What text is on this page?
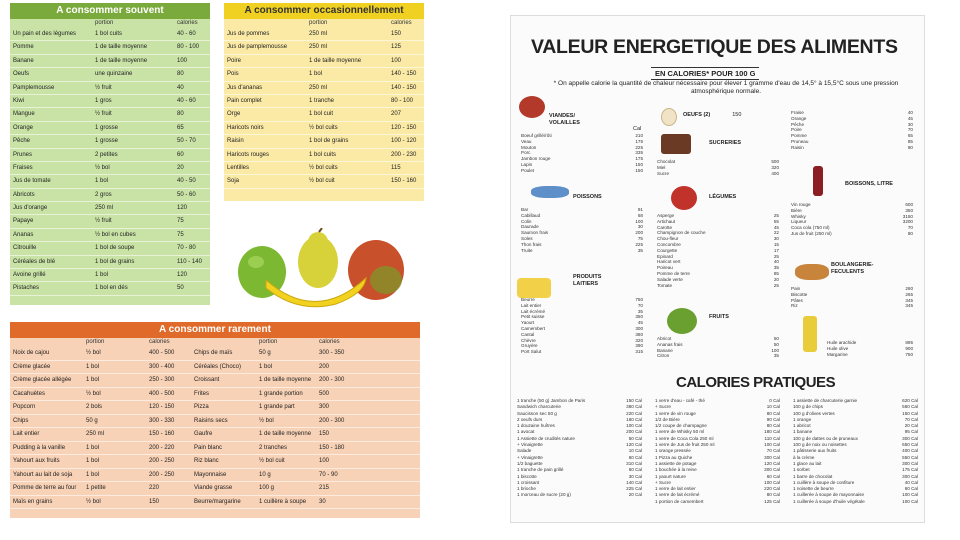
A consommer souvent
portion	calories
Un pain et des légumes	1 bol cuits	40 - 60
Pomme	1 de taille moyenne	80 - 100
Banane	1 de taille moyenne	100
Oeufs	une quinzaine	80
Pamplemousse	½ fruit	40
Kiwi	1 gros	40 - 60
Mangue	½ fruit	80
Orange	1 grosse	65
Pêche	1 grosse	50 - 70
Prunes	2 petites	60
Fraises	½ bol	20
Jus de tomate	1 bol	40 - 50
Abricots	2 gros	50 - 60
Jus d'orange	250 ml	120
Papaye	½ fruit	75
Ananas	½ bol en cubes	75
Citrouille	1 bol de soupe	70 - 80
Céréales de blé	1 bol de grains	110 - 140
Avoine grillé	1 bol	120
Pistaches	1 bol en dés	50
A consommer occasionnellement
portion	calories
Jus de pommes	250 ml	150
Jus de pamplemousse	250 ml	125
Poire	1 de taille moyenne	100
Pois	1 bol	140 - 150
Jus d'ananas	250 ml	140 - 150
Pain complet	1 tranche	80 - 100
Orge	1 bol cuit	207
Haricots noirs	½ bol cuits	120 - 150
Raisin	1 bol de grains	100 - 120
Haricots rouges	1 bol cuits	200 - 230
Lentilles	½ bol cuits	115
Soja	½ bol cuit	150 - 160
A consommer rarement
portion	calories	portion	calories
Noix de cajou	½ bol	400 - 500	Chips de maïs	50 g	300 - 350
Crème glacée	1 bol	300 - 400	Céréales (Choco)	1 bol	200
Crème glacée allégée	1 bol	250 - 300	Croissant	1 de taille moyenne	200 - 300
Cacahuètes	½ bol	400 - 500	Frites	1 grande portion	500
Popcorn	2 bols	120 - 150	Pizza	1 grande part	300
Chips	50 g	300 - 330	Raisins secs	½ bol	200 - 300
Lait entier	250 ml	150 - 160	Gaufre	1 de taille moyenne	150
Pudding à la vanille	1 bol	200 - 220	Pain blanc	2 tranches	150 - 180
Yahourt aux fruits	1 bol	200 - 250	Riz blanc	½ bol cuit	100
Yahourt au lait de soja	1 bol	200 - 250	Mayonnaise	10 g	70 - 90
Pomme de terre au four	1 petite	220	Viande grasse	100 g	215
Maïs en grains	½ bol	150	Beurre/margarine	1 cuillère à soupe	30
VALEUR ENERGETIQUE DES ALIMENTS
EN CALORIES* POUR 100 G
* On appelle calorie la quantité de chaleur nécessaire pour élever 1 gramme d'eau de 14,5° à 15,5°C sous une pression atmosphérique normale.
VIANDES/ VOLAILLES
Cal
Boeuf grillé/rôti	210
Veau	175
Mouton	225
Porc	335
Jambon rouge	175
Lapin	150
Poulet	150
POISSONS
Bar	91
Cabillaud	68
Colin	100
Daurade	30
Saumon frais	200
Soles	75
Thon frais	225
Truite	35
PRODUITS LAITIERS
Beurre	750
Lait entier	70
Lait écrémé	35
Petit suisse	350
Yaourt	45
Camembert	300
Cantal	380
Chèvre	320
Gruyère	390
Port Salut	315
OEUFS (2)	150
SUCRERIES
Chocolat	500
Miel	320
Sucre	400
LÉGUMES
Asperge	25
Artichaut	55
Carotte	45
Champignon de couche	22
Chou-fleur	30
Concombre	15
Courgette	17
Epinard	25
Haricot vert	40
Poireau	35
Pomme de terre	85
Salade verte	20
Tomate	25
FRUITS
Abricot	50
Ananas frais	50
Banane	100
Citron	35
Fraise	40
Orange	45
Pêche	30
Poire	70
Pomme	65
Pruneau	85
Raisin	80
BOISSONS, LITRE
Vin rouge	600
Bière	350
Whisky	3150
Liqueur	3200
Coca cola (750 ml)	70
Jus de fruit (250 ml)	80
BOULANGERIE-FECULENTS
Pain	260
Biscotte	265
Pâtes	345
Riz	345
Huile arachide	895
Huile olive	900
Margarine	750
CALORIES PRATIQUES
1 tranche (50 g) Jambon de Paris	150 Cal
Sandwich charcuterie	380 Cal
Saucisson sec 50 g	220 Cal
2 oeufs durs	160 Cal
1 douzaine huîtres	100 Cal
1 avocat	200 Cal
1 Assiette de crudités nature	50 Cal
+ Vinaigrette	120 Cal
Salade	10 Cal
+ Vinaigrette	60 Cal
1/2 baguette	310 Cal
1 tranche de pain grillé	60 Cal
1 biscotte	30 Cal
1 croissant	140 Cal
1 brioche	225 Cal
1 morceau de sucre (20 g)	20 Cal
1 verre d'eau - café - thé	0 Cal
+ Sucre	10 Cal
1 verre de vin rouge	80 Cal
1/2 de Bière	90 Cal
1/2 coupe de champagne	80 Cal
1 verre de Whisky 50 ml	180 Cal
1 verre de Coca Cola 250 ml	110 Cal
1 verre de Jus de fruit 250 ml	100 Cal
1 orange pressée	70 Cal
1 Pizza au Quiche	300 Cal
1 assiette de potage	120 Cal
1 bouchée à la reine	300 Cal
1 yaourt nature	60 Cal
+ Sucre	100 Cal
1 verre de lait entier	220 Cal
1 verre de lait écrémé	80 Cal
1 portion de camembert	125 Cal
1 assiette de charcuterie garnie	620 Cal
100 g de chips	560 Cal
100 g d'olives vertes	150 Cal
1 orange	70 Cal
1 abricot	20 Cal
1 banane	95 Cal
100 g de dattes ou de pruneaux	300 Cal
100 g de noix ou noisettes	650 Cal
1 pâtisserie aux fruits	400 Cal
à la crème	550 Cal
1 glace au lait	300 Cal
1 sorbet	175 Cal
1 barre de chocolat	300 Cal
1 cuillère à soupe de confiture	40 Cal
1 noisette de beurre	60 Cal
1 cuillerée à soupe de mayonnaise	100 Cal
1 cuillerée à soupe d'huile végétale	100 Cal
